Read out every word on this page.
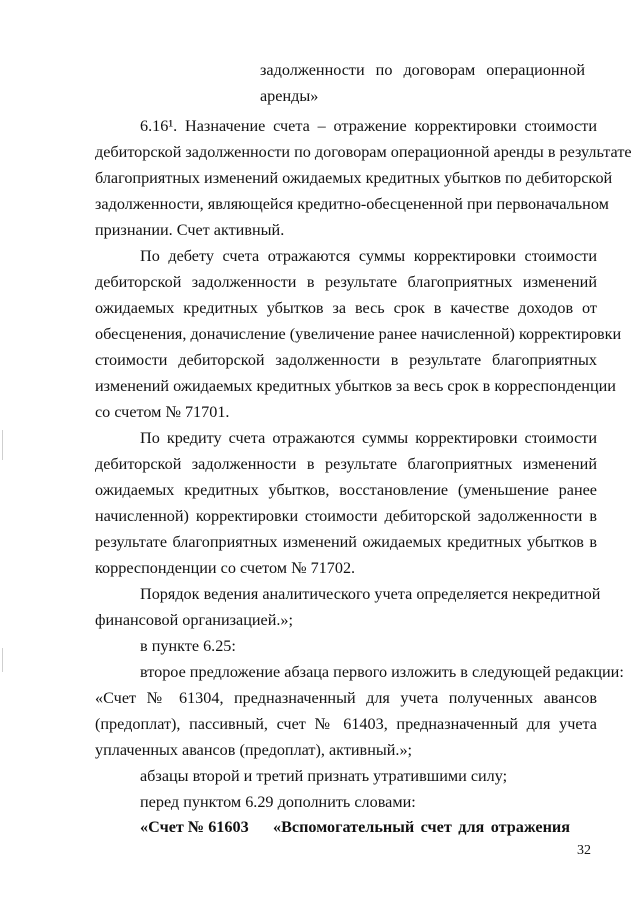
задолженности по договорам операционной
аренды»
6.16¹. Назначение счета – отражение корректировки стоимости
дебиторской задолженности по договорам операционной аренды в результате
благоприятных изменений ожидаемых кредитных убытков по дебиторской
задолженности, являющейся кредитно-обесцененной при первоначальном
признании. Счет активный.
По дебету счета отражаются суммы корректировки стоимости
дебиторской задолженности в результате благоприятных изменений
ожидаемых кредитных убытков за весь срок в качестве доходов от
обесценения, доначисление (увеличение ранее начисленной) корректировки
стоимости дебиторской задолженности в результате благоприятных
изменений ожидаемых кредитных убытков за весь срок в корреспонденции
со счетом № 71701.
По кредиту счета отражаются суммы корректировки стоимости
дебиторской задолженности в результате благоприятных изменений
ожидаемых кредитных убытков, восстановление (уменьшение ранее
начисленной) корректировки стоимости дебиторской задолженности в
результате благоприятных изменений ожидаемых кредитных убытков в
корреспонденции со счетом № 71702.
Порядок ведения аналитического учета определяется некредитной
финансовой организацией.»;
в пункте 6.25:
второе предложение абзаца первого изложить в следующей редакции:
«Счет № 61304, предназначенный для учета полученных авансов
(предоплат), пассивный, счет № 61403, предназначенный для учета
уплаченных авансов (предоплат), активный.»;
абзацы второй и третий признать утратившими силу;
перед пунктом 6.29 дополнить словами:
«Счет № 61603 «Вспомогательный счет для отражения
32
